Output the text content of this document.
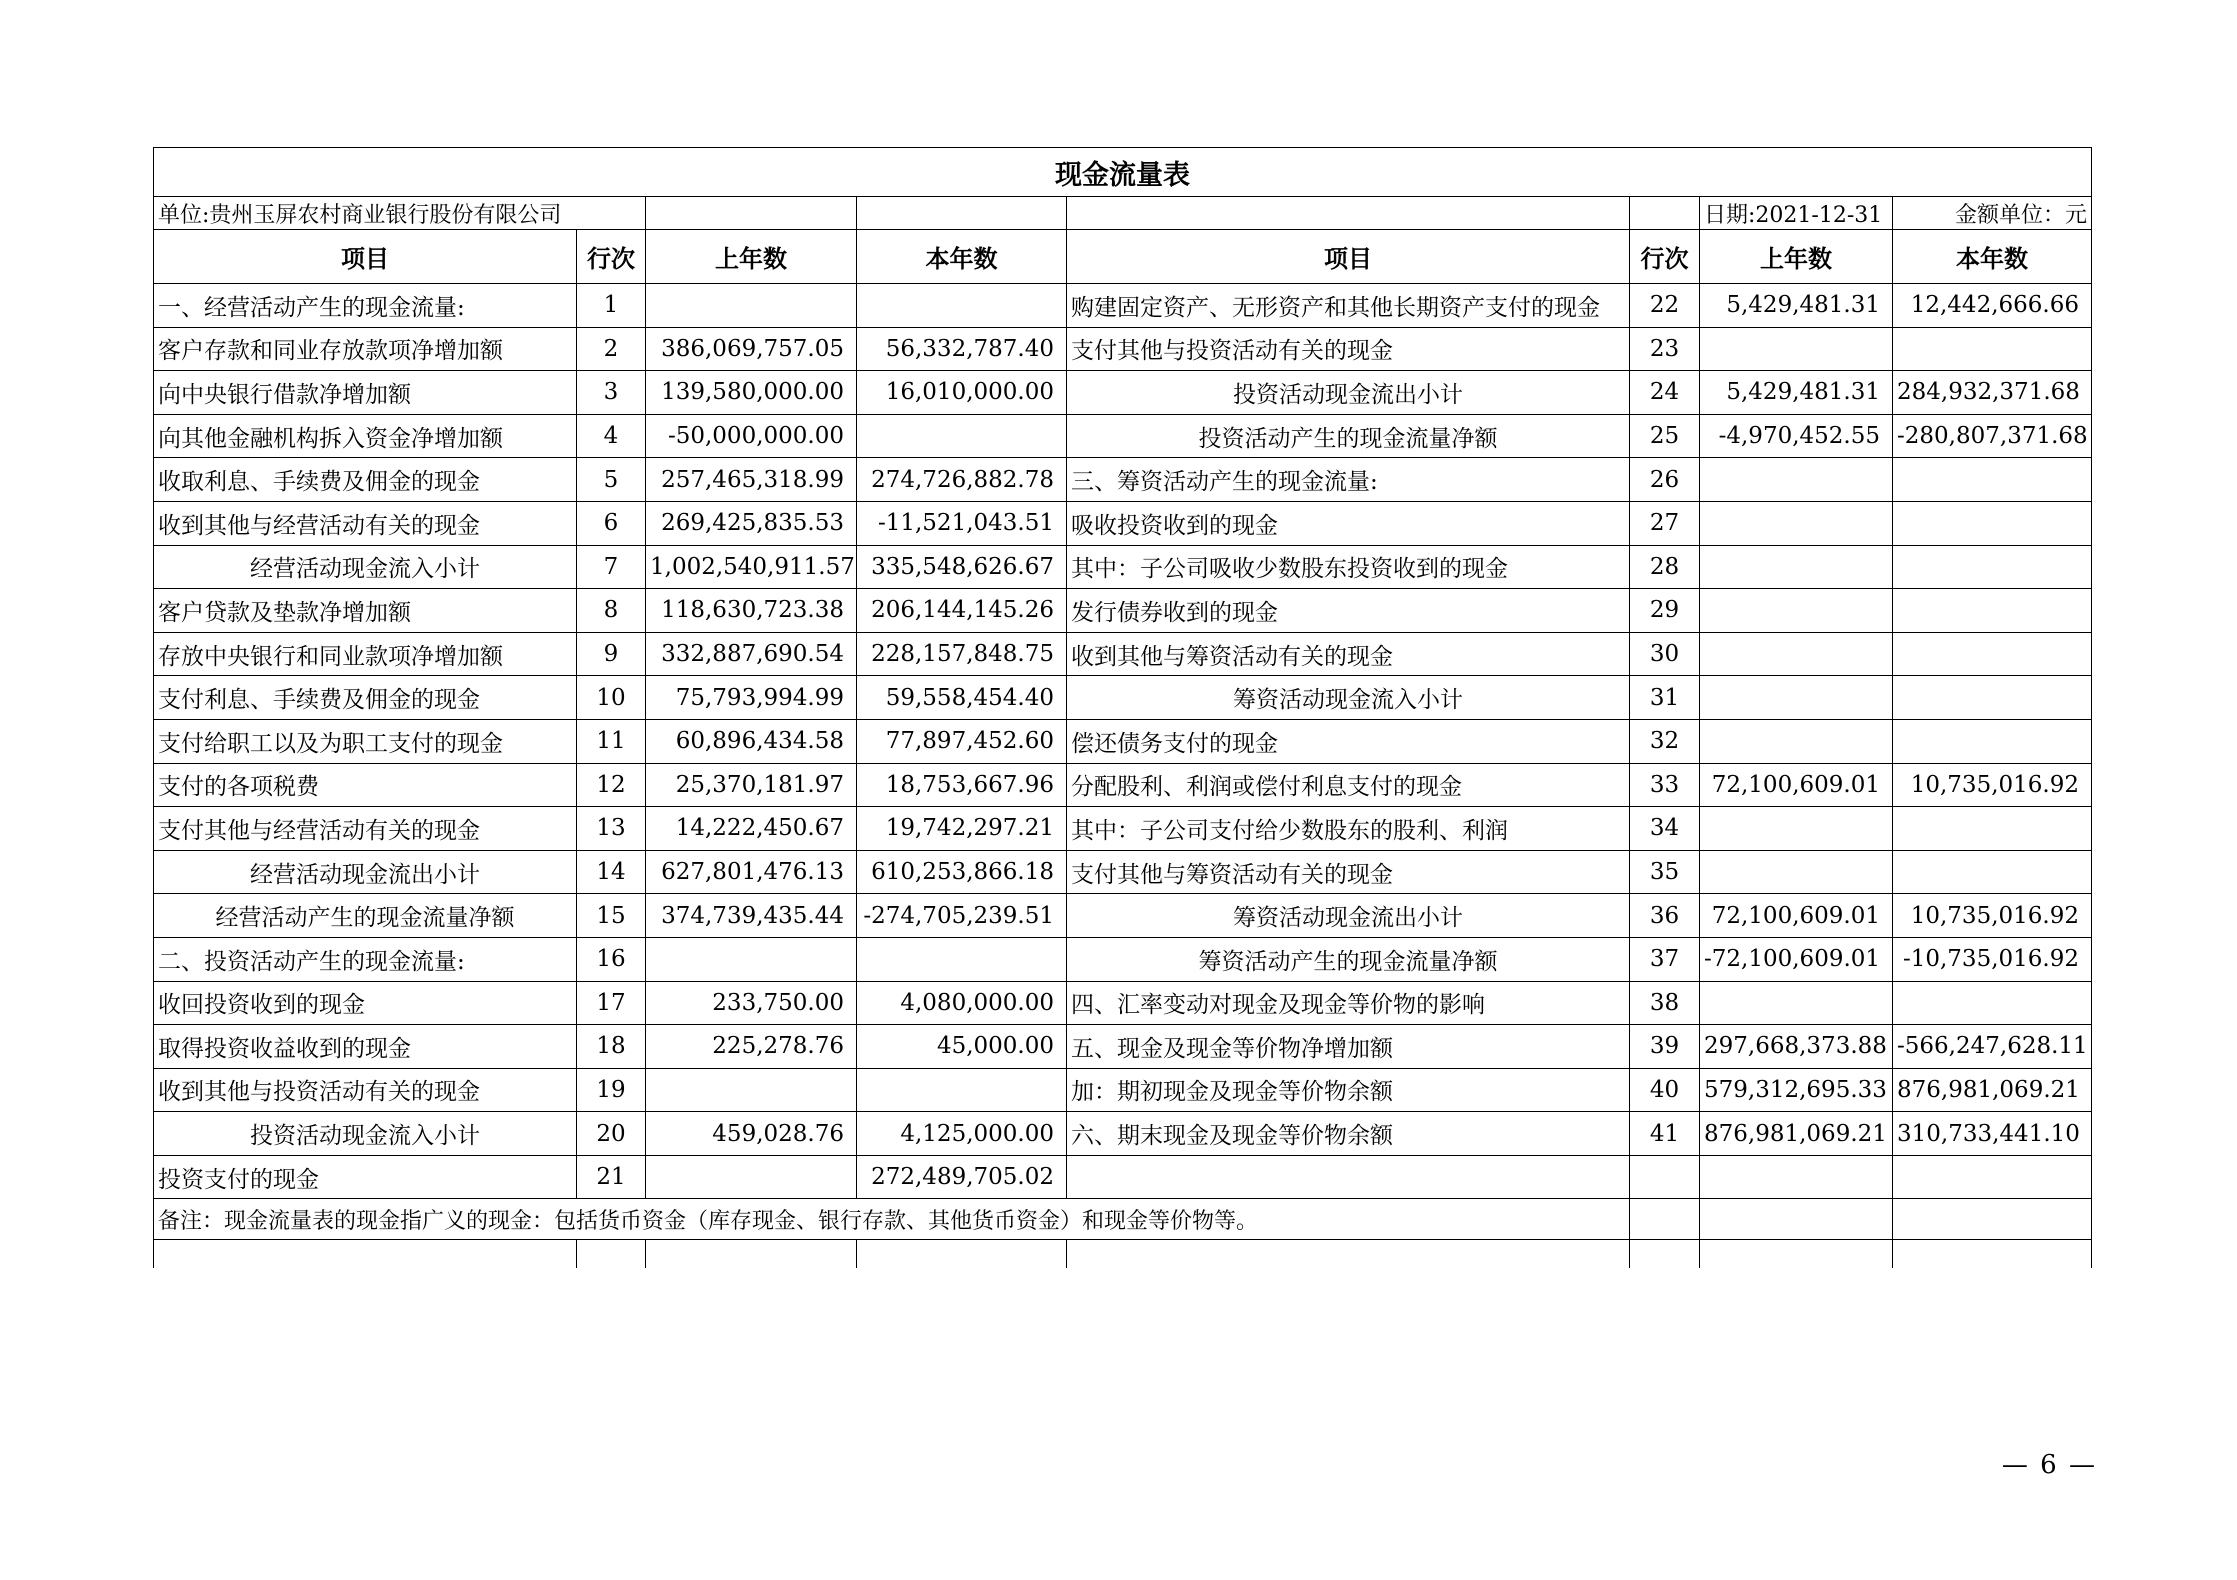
现金流量表							
单位:贵州玉屏农村商业银行股份有限公司						日期:2021-12-31	金额单位：元
项目	行次	上年数	本年数	项目	行次	上年数	本年数
一、经营活动产生的现金流量:	1			购建固定资产、无形资产和其他长期资产支付的现金	22	5,429,481.31	12,442,666.66
客户存款和同业存放款项净增加额	2	386,069,757.05	56,332,787.40	支付其他与投资活动有关的现金	23		
向中央银行借款净增加额	3	139,580,000.00	16,010,000.00	投资活动现金流出小计	24	5,429,481.31	284,932,371.68
向其他金融机构拆入资金净增加额	4	-50,000,000.00		投资活动产生的现金流量净额	25	-4,970,452.55	-280,807,371.68
收取利息、手续费及佣金的现金	5	257,465,318.99	274,726,882.78	三、筹资活动产生的现金流量:	26		
收到其他与经营活动有关的现金	6	269,425,835.53	-11,521,043.51	吸收投资收到的现金	27		
经营活动现金流入小计	7	1,002,540,911.57	335,548,626.67	其中：子公司吸收少数股东投资收到的现金	28		
客户贷款及垫款净增加额	8	118,630,723.38	206,144,145.26	发行债券收到的现金	29		
存放中央银行和同业款项净增加额	9	332,887,690.54	228,157,848.75	收到其他与筹资活动有关的现金	30		
支付利息、手续费及佣金的现金	10	75,793,994.99	59,558,454.40	筹资活动现金流入小计	31		
支付给职工以及为职工支付的现金	11	60,896,434.58	77,897,452.60	偿还债务支付的现金	32		
支付的各项税费	12	25,370,181.97	18,753,667.96	分配股利、利润或偿付利息支付的现金	33	72,100,609.01	10,735,016.92
支付其他与经营活动有关的现金	13	14,222,450.67	19,742,297.21	其中：子公司支付给少数股东的股利、利润	34		
经营活动现金流出小计	14	627,801,476.13	610,253,866.18	支付其他与筹资活动有关的现金	35		
经营活动产生的现金流量净额	15	374,739,435.44	-274,705,239.51	筹资活动现金流出小计	36	72,100,609.01	10,735,016.92
二、投资活动产生的现金流量:	16			筹资活动产生的现金流量净额	37	-72,100,609.01	-10,735,016.92
收回投资收到的现金	17	233,750.00	4,080,000.00	四、汇率变动对现金及现金等价物的影响	38		
取得投资收益收到的现金	18	225,278.76	45,000.00	五、现金及现金等价物净增加额	39	297,668,373.88	-566,247,628.11
收到其他与投资活动有关的现金	19			加：期初现金及现金等价物余额	40	579,312,695.33	876,981,069.21
投资活动现金流入小计	20	459,028.76	4,125,000.00	六、期末现金及现金等价物余额	41	876,981,069.21	310,733,441.10
投资支付的现金	21		272,489,705.02				
备注：现金流量表的现金指广义的现金：包括货币资金（库存现金、银行存款、其他货币资金）和现金等价物等。							

— 6 —
